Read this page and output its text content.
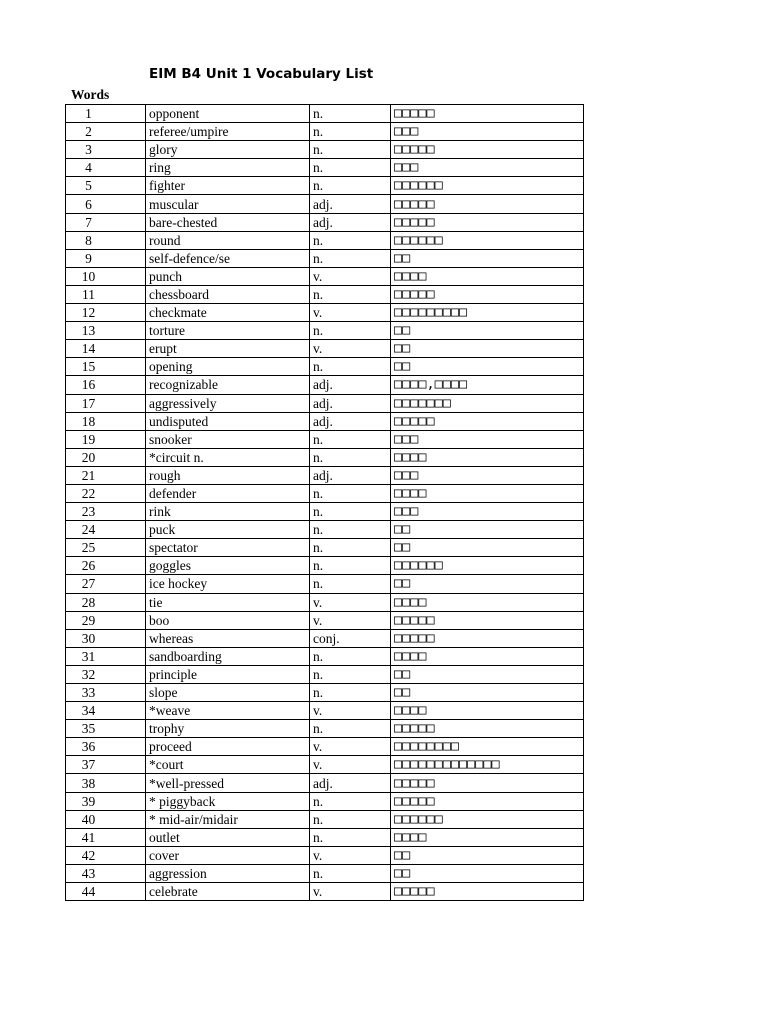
EIM B4 Unit 1 Vocabulary List
Words
1	opponent	n.	□□□□□
2	referee/umpire	n.	□□□
3	glory	n.	□□□□□
4	ring	n.	□□□
5	fighter	n.	□□□□□□
6	muscular	adj.	□□□□□
7	bare-chested	adj.	□□□□□
8	round	n.	□□□□□□
9	self-defence/se	n.	□□
10	punch	v.	□□□□
11	chessboard	n.	□□□□□
12	checkmate	v.	□□□□□□□□□
13	torture	n.	□□
14	erupt	v.	□□
15	opening	n.	□□
16	recognizable	adj.	□□□□,□□□□
17	aggressively	adj.	□□□□□□□
18	undisputed	adj.	□□□□□
19	snooker	n.	□□□
20	*circuit n.	n.	□□□□
21	rough	adj.	□□□
22	defender	n.	□□□□
23	rink	n.	□□□
24	puck	n.	□□
25	spectator	n.	□□
26	goggles	n.	□□□□□□
27	ice hockey	n.	□□
28	tie	v.	□□□□
29	boo	v.	□□□□□
30	whereas	conj.	□□□□□
31	sandboarding	n.	□□□□
32	principle	n.	□□
33	slope	n.	□□
34	*weave	v.	□□□□
35	trophy	n.	□□□□□
36	proceed	v.	□□□□□□□□
37	*court	v.	□□□□□□□□□□□□□
38	*well-pressed	adj.	□□□□□
39	* piggyback	n.	□□□□□
40	* mid-air/midair	n.	□□□□□□
41	outlet	n.	□□□□
42	cover	v.	□□
43	aggression	n.	□□
44	celebrate	v.	□□□□□
